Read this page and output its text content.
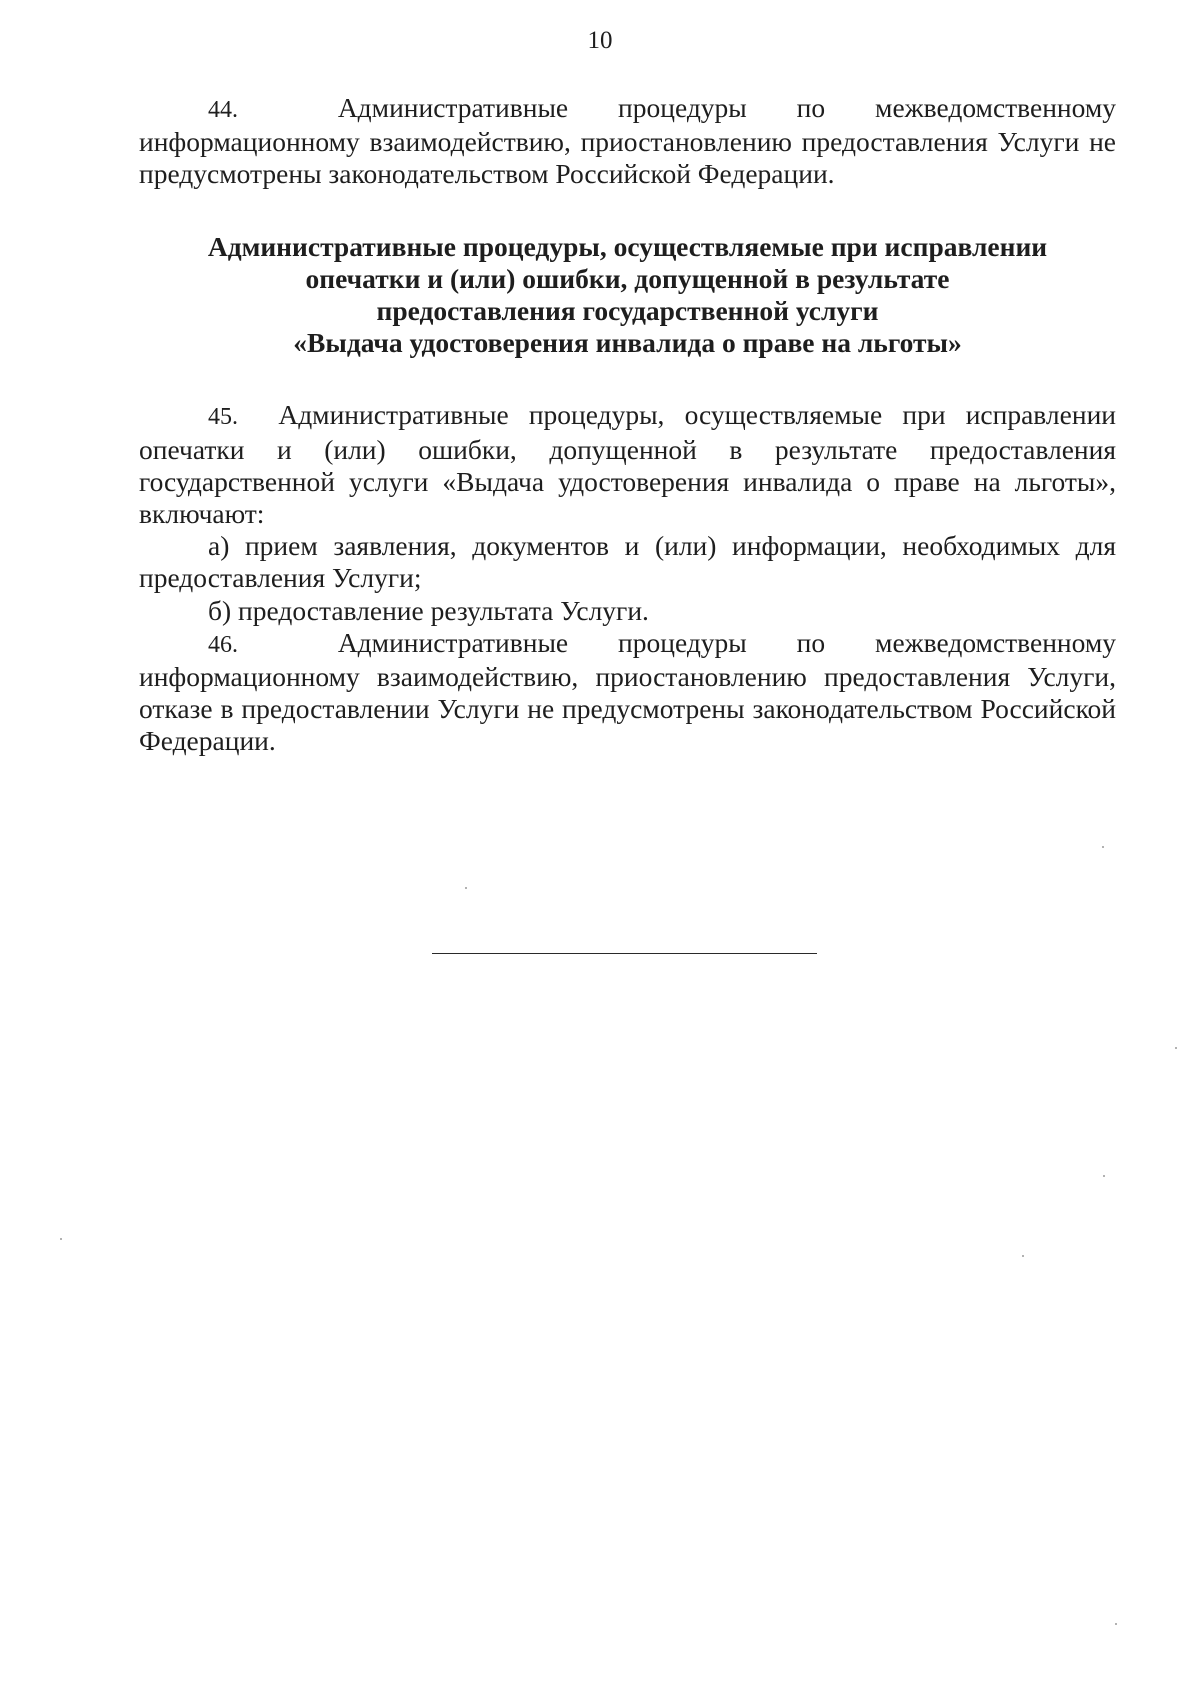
10

44.	Административные процедуры по межведомственному информационному взаимодействию, приостановлению предоставления Услуги не предусмотрены законодательством Российской Федерации.

Административные процедуры, осуществляемые при исправлении
опечатки и (или) ошибки, допущенной в результате
предоставления государственной услуги
«Выдача удостоверения инвалида о праве на льготы»

45. Административные процедуры, осуществляемые при исправлении опечатки и (или) ошибки, допущенной в результате предоставления государственной услуги «Выдача удостоверения инвалида о праве на льготы», включают:

а) прием заявления, документов и (или) информации, необходимых для предоставления Услуги;

б) предоставление результата Услуги.

46.	Административные процедуры по межведомственному информационному взаимодействию, приостановлению предоставления Услуги, отказе в предоставлении Услуги не предусмотрены законодательством Российской Федерации.
